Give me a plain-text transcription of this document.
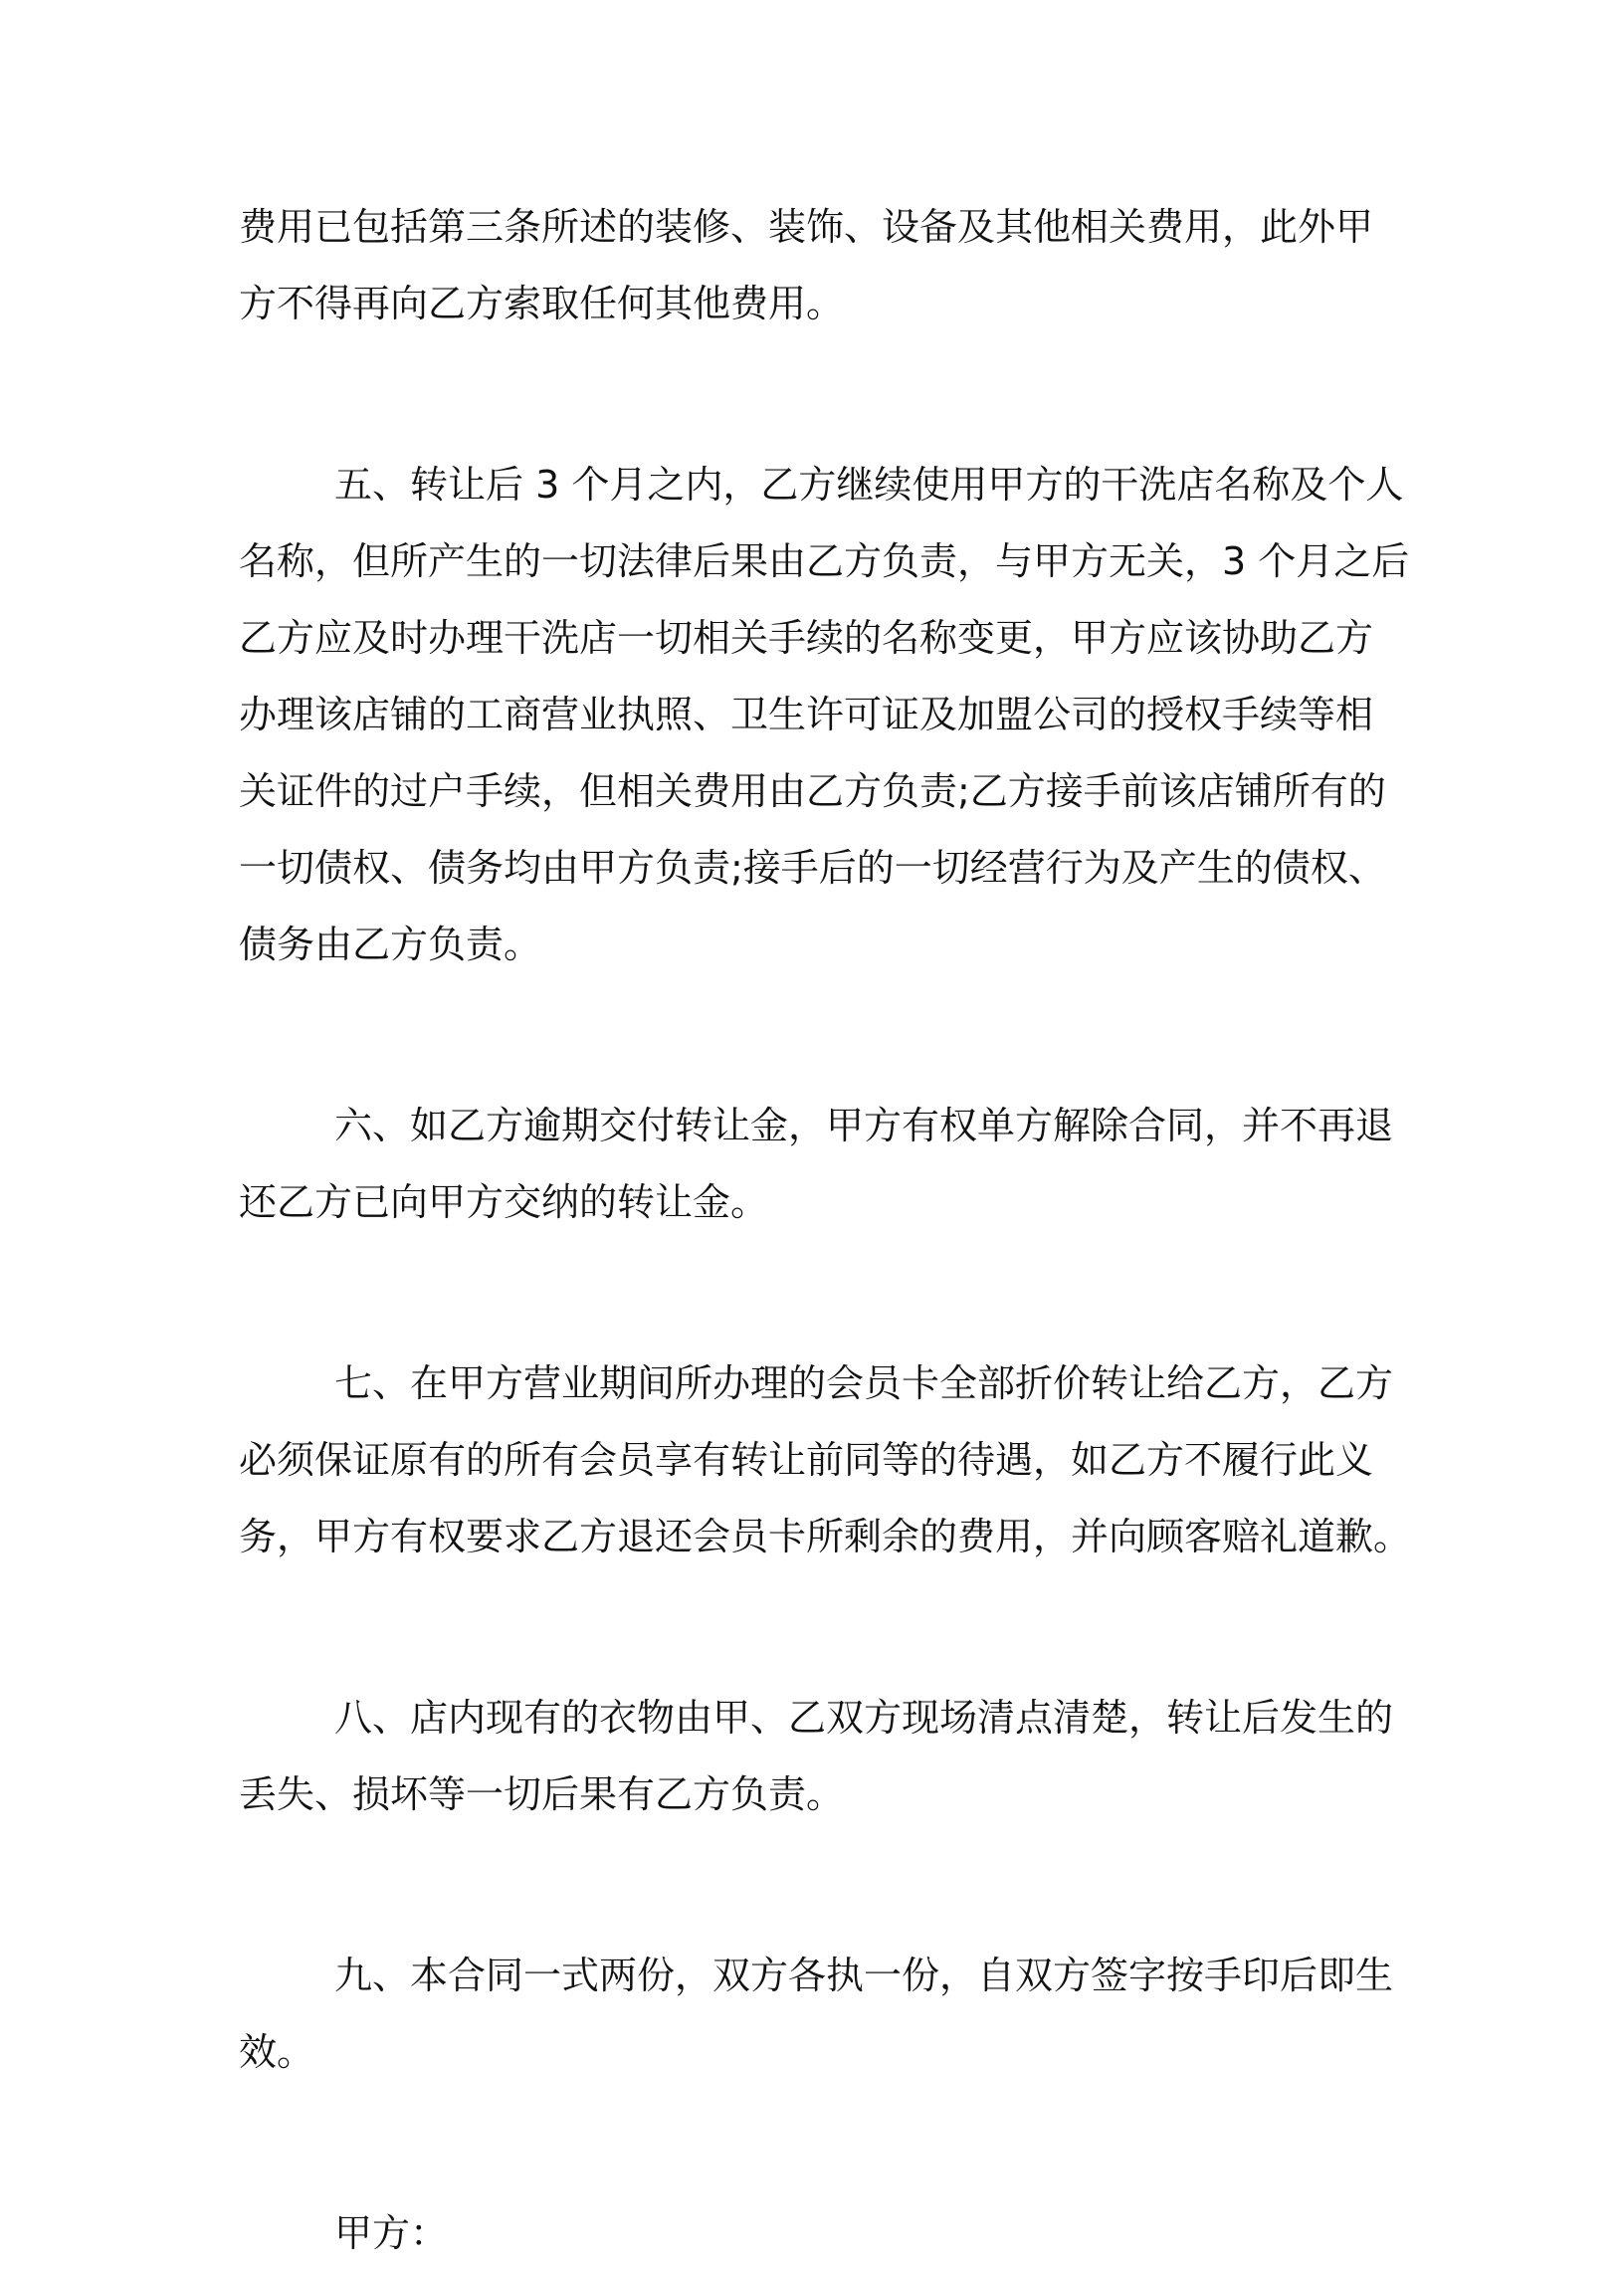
费用已包括第三条所述的装修、装饰、设备及其他相关费用，此外甲
方不得再向乙方索取任何其他费用。
五、转让后 3 个月之内，乙方继续使用甲方的干洗店名称及个人
名称，但所产生的一切法律后果由乙方负责，与甲方无关，3 个月之后
乙方应及时办理干洗店一切相关手续的名称变更，甲方应该协助乙方
办理该店铺的工商营业执照、卫生许可证及加盟公司的授权手续等相
关证件的过户手续，但相关费用由乙方负责;乙方接手前该店铺所有的
一切债权、债务均由甲方负责;接手后的一切经营行为及产生的债权、
债务由乙方负责。
六、如乙方逾期交付转让金，甲方有权单方解除合同，并不再退
还乙方已向甲方交纳的转让金。
七、在甲方营业期间所办理的会员卡全部折价转让给乙方，乙方
必须保证原有的所有会员享有转让前同等的待遇，如乙方不履行此义
务，甲方有权要求乙方退还会员卡所剩余的费用，并向顾客赔礼道歉。
八、店内现有的衣物由甲、乙双方现场清点清楚，转让后发生的
丢失、损坏等一切后果有乙方负责。
九、本合同一式两份，双方各执一份，自双方签字按手印后即生
效。
甲方：
